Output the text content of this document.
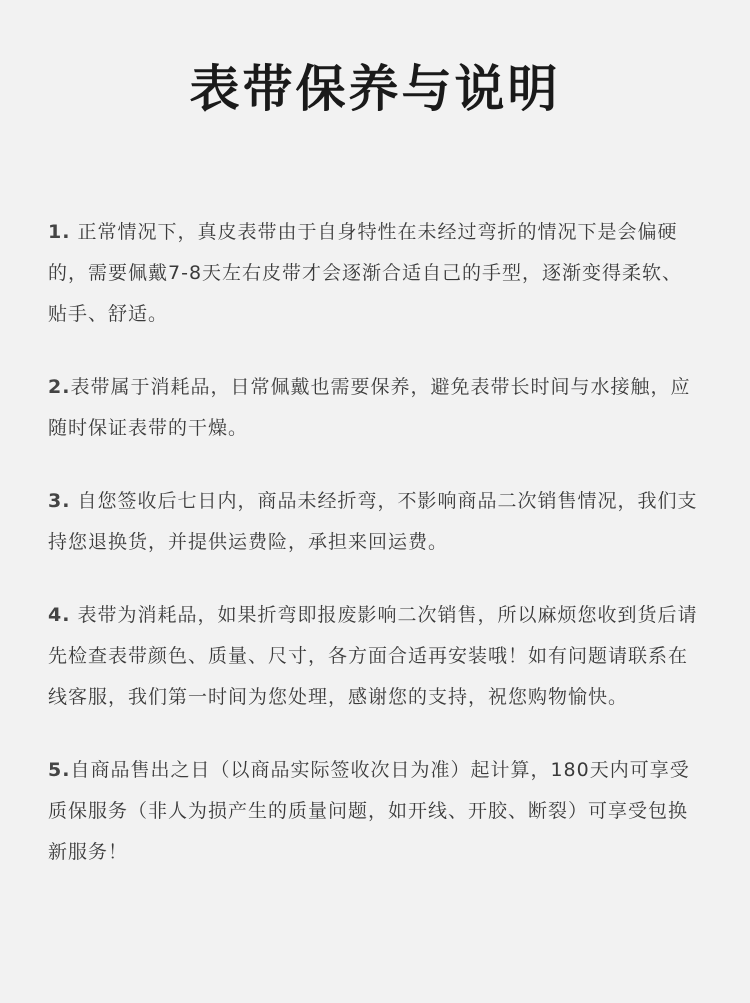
表带保养与说明

1. 正常情况下，真皮表带由于自身特性在未经过弯折的情况下是会偏硬的，需要佩戴7-8天左右皮带才会逐渐合适自己的手型，逐渐变得柔软、贴手、舒适。

2.表带属于消耗品，日常佩戴也需要保养，避免表带长时间与水接触，应随时保证表带的干燥。

3. 自您签收后七日内，商品未经折弯，不影响商品二次销售情况，我们支持您退换货，并提供运费险，承担来回运费。

4. 表带为消耗品，如果折弯即报废影响二次销售，所以麻烦您收到货后请先检查表带颜色、质量、尺寸，各方面合适再安装哦！如有问题请联系在线客服，我们第一时间为您处理，感谢您的支持，祝您购物愉快。

5.自商品售出之日（以商品实际签收次日为准）起计算，180天内可享受质保服务（非人为损产生的质量问题，如开线、开胶、断裂）可享受包换新服务！
